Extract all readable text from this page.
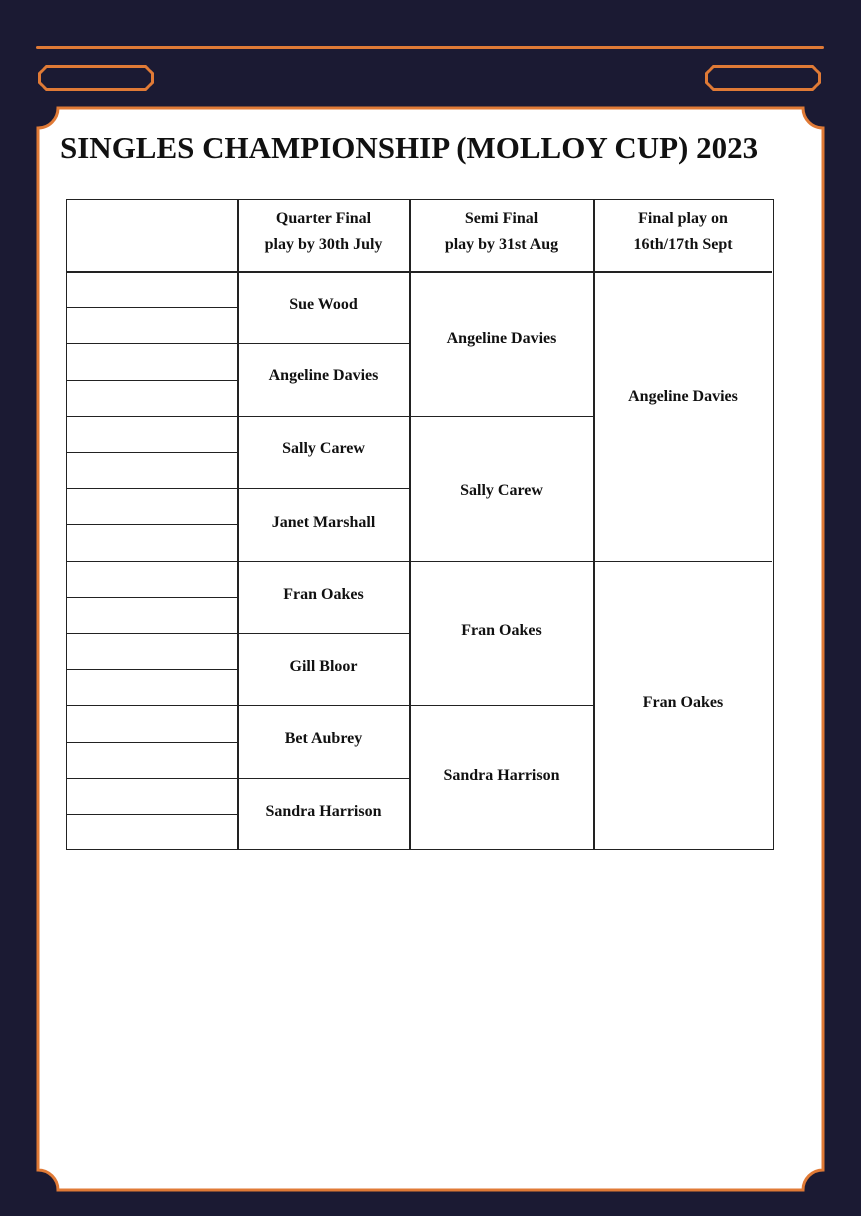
SINGLES CHAMPIONSHIP (MOLLOY CUP) 2023
Quarter Final
play by 30th July
Semi Final
play by 31st Aug
Final play on
16th/17th Sept
Sue Wood
Angeline Davies
Sally Carew
Janet Marshall
Fran Oakes
Gill Bloor
Bet Aubrey
Sandra Harrison
Angeline Davies
Sally Carew
Fran Oakes
Sandra Harrison
Angeline Davies
Fran Oakes
